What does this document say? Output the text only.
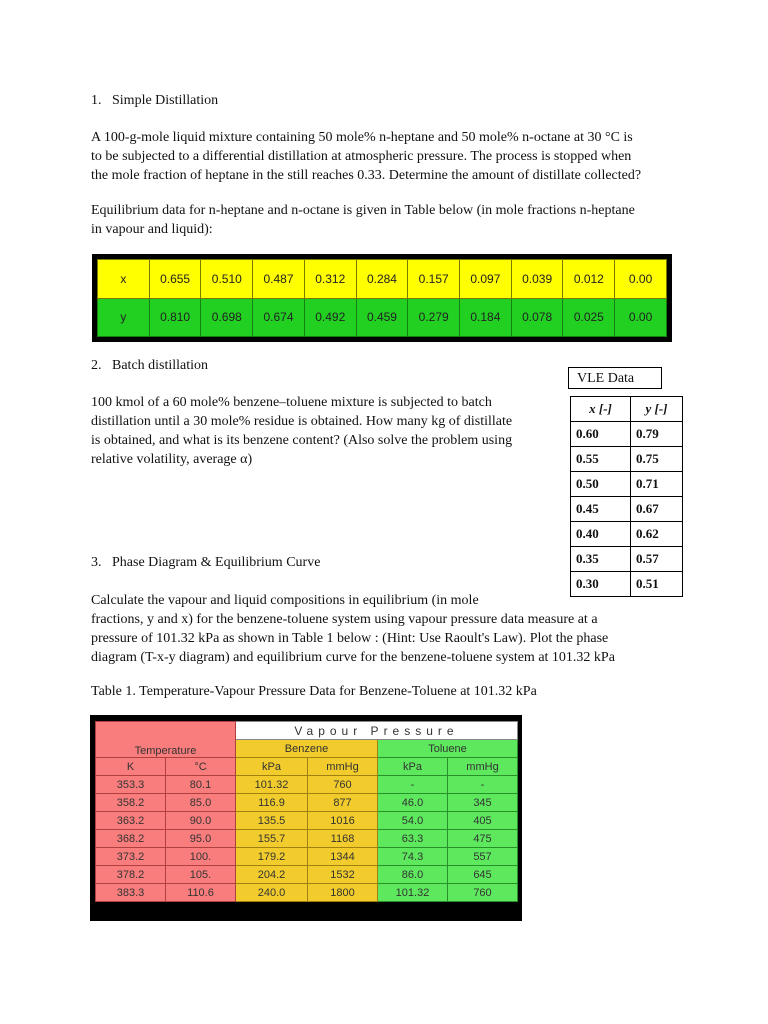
1.   Simple Distillation
A 100-g-mole liquid mixture containing 50 mole% n-heptane and 50 mole% n-octane at 30 °C is
to be subjected to a differential distillation at atmospheric pressure. The process is stopped when
the mole fraction of heptane in the still reaches 0.33. Determine the amount of distillate collected?
Equilibrium data for n-heptane and n-octane is given in Table below (in mole fractions n-heptane
in vapour and liquid):
x	0.655	0.510	0.487	0.312	0.284	0.157	0.097	0.039	0.012	0.00
y	0.810	0.698	0.674	0.492	0.459	0.279	0.184	0.078	0.025	0.00
2.   Batch distillation
100 kmol of a 60 mole% benzene–toluene mixture is subjected to batch
distillation until a 30 mole% residue is obtained. How many kg of distillate
is obtained, and what is its benzene content? (Also solve the problem using
relative volatility, average α)
VLE Data
x [-]	y [-]
0.60	0.79
0.55	0.75
0.50	0.71
0.45	0.67
0.40	0.62
0.35	0.57
0.30	0.51
3.   Phase Diagram & Equilibrium Curve
Calculate the vapour and liquid compositions in equilibrium (in mole
fractions, y and x) for the benzene-toluene system using vapour pressure data measure at a
pressure of 101.32 kPa as shown in Table 1 below : (Hint: Use Raoult's Law). Plot the phase
diagram (T-x-y diagram) and equilibrium curve for the benzene-toluene system at 101.32 kPa
Table 1. Temperature-Vapour Pressure Data for Benzene-Toluene at 101.32 kPa
Temperature		Vapour Pressure			
		Benzene		Toluene	
K	°C	kPa	mmHg	kPa	mmHg
353.3	80.1	101.32	760	-	-
358.2	85.0	116.9	877	46.0	345
363.2	90.0	135.5	1016	54.0	405
368.2	95.0	155.7	1168	63.3	475
373.2	100.	179.2	1344	74.3	557
378.2	105.	204.2	1532	86.0	645
383.3	110.6	240.0	1800	101.32	760
